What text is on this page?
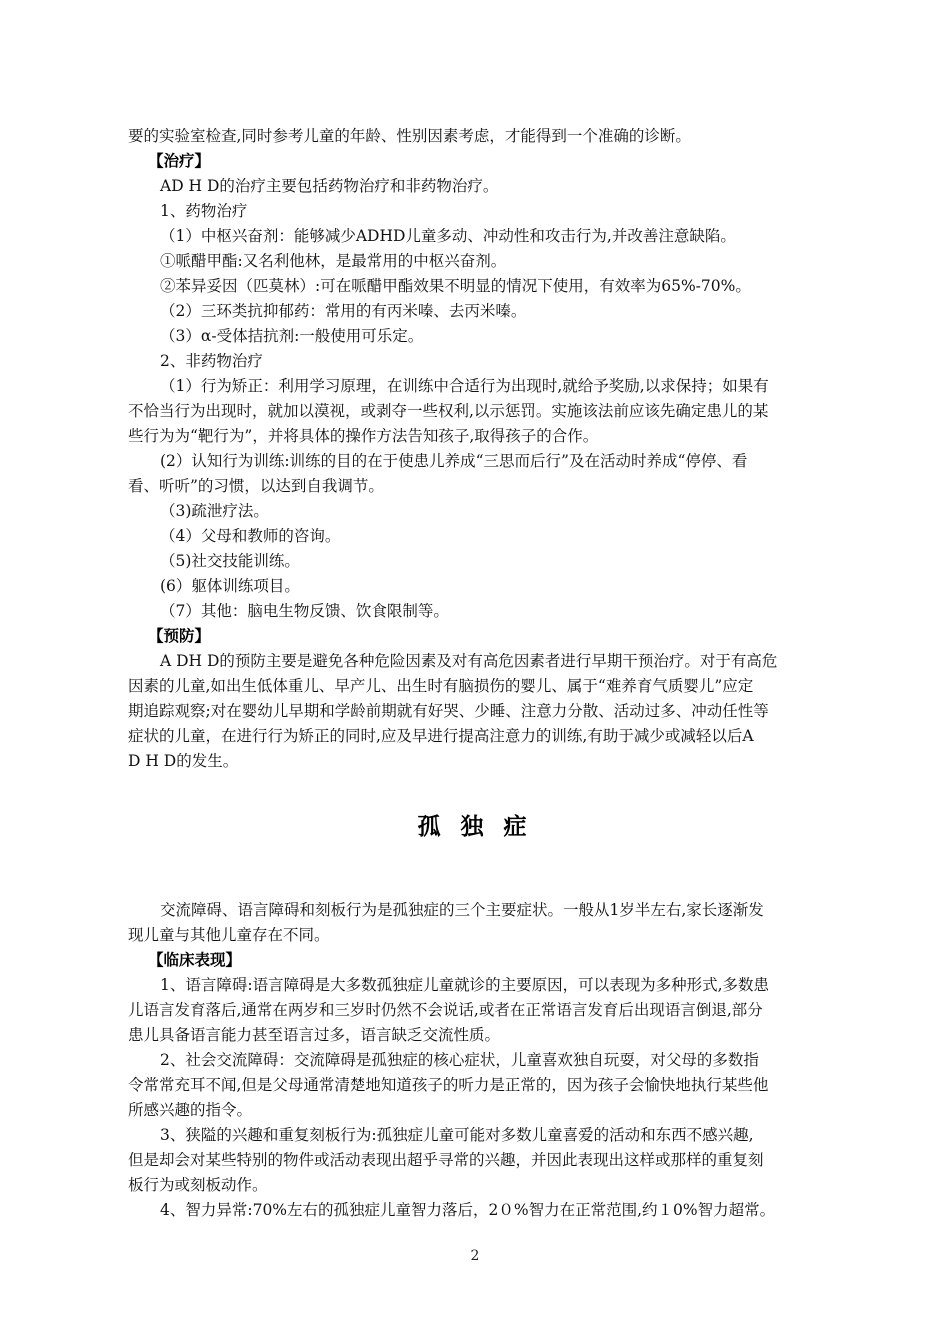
要的实验室检查,同时参考儿童的年龄、性别因素考虑，才能得到一个准确的诊断。
【治疗】
AD H D的治疗主要包括药物治疗和非药物治疗。
1、药物治疗
（1）中枢兴奋剂：能够减少ADHD儿童多动、冲动性和攻击行为,并改善注意缺陷。
①哌醋甲酯:又名利他林，是最常用的中枢兴奋剂。
②苯异妥因（匹莫林）:可在哌醋甲酯效果不明显的情况下使用，有效率为65%-70%。
（2）三环类抗抑郁药：常用的有丙米嗪、去丙米嗪。
（3）α-受体拮抗剂:一般使用可乐定。
2、非药物治疗
（1）行为矫正：利用学习原理，在训练中合适行为出现时,就给予奖励,以求保持；如果有
不恰当行为出现时，就加以漠视，或剥夺一些权利,以示惩罚。实施该法前应该先确定患儿的某
些行为为“靶行为”，并将具体的操作方法告知孩子,取得孩子的合作。
(2）认知行为训练:训练的目的在于使患儿养成“三思而后行”及在活动时养成“停停、看
看、听听”的习惯，以达到自我调节。
（3)疏泄疗法。
（4）父母和教师的咨询。
（5)社交技能训练。
(6）躯体训练项目。
（7）其他：脑电生物反馈、饮食限制等。
【预防】
A DH D的预防主要是避免各种危险因素及对有高危因素者进行早期干预治疗。对于有高危
因素的儿童,如出生低体重儿、早产儿、出生时有脑损伤的婴儿、属于“难养育气质婴儿”应定
期追踪观察;对在婴幼儿早期和学龄前期就有好哭、少睡、注意力分散、活动过多、冲动任性等
症状的儿童，在进行行为矫正的同时,应及早进行提高注意力的训练,有助于减少或减轻以后A
D H D的发生。
孤 独 症
交流障碍、语言障碍和刻板行为是孤独症的三个主要症状。一般从1岁半左右,家长逐渐发
现儿童与其他儿童存在不同。
【临床表现】
1、语言障碍:语言障碍是大多数孤独症儿童就诊的主要原因，可以表现为多种形式,多数患
儿语言发育落后,通常在两岁和三岁时仍然不会说话,或者在正常语言发育后出现语言倒退,部分
患儿具备语言能力甚至语言过多，语言缺乏交流性质。
2、社会交流障碍：交流障碍是孤独症的核心症状，儿童喜欢独自玩耍，对父母的多数指
令常常充耳不闻,但是父母通常清楚地知道孩子的听力是正常的，因为孩子会愉快地执行某些他
所感兴趣的指令。
3、狭隘的兴趣和重复刻板行为:孤独症儿童可能对多数儿童喜爱的活动和东西不感兴趣,
但是却会对某些特别的物件或活动表现出超乎寻常的兴趣，并因此表现出这样或那样的重复刻
板行为或刻板动作。
4、智力异常:70%左右的孤独症儿童智力落后，2０%智力在正常范围,约１0%智力超常。
2
